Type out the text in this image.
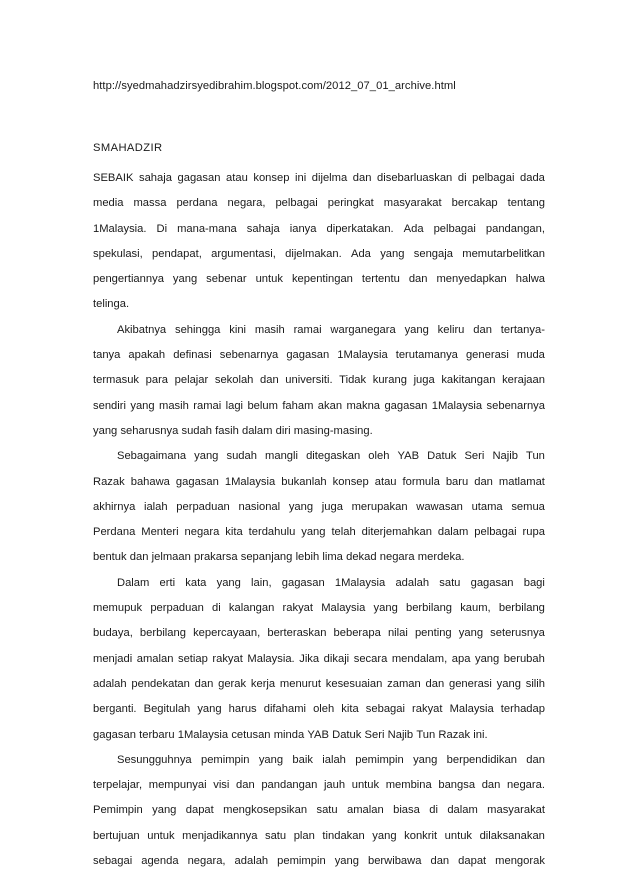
http://syedmahadzirsyedibrahim.blogspot.com/2012_07_01_archive.html
SMAHADZIR
SEBAIK sahaja gagasan atau konsep ini dijelma dan disebarluaskan di pelbagai dada
media massa perdana negara, pelbagai peringkat masyarakat bercakap tentang
1Malaysia. Di mana-mana sahaja ianya diperkatakan. Ada pelbagai pandangan,
spekulasi, pendapat, argumentasi, dijelmakan. Ada yang sengaja memutarbelitkan
pengertiannya yang sebenar untuk kepentingan tertentu dan menyedapkan halwa
telinga.
Akibatnya sehingga kini masih ramai warganegara yang keliru dan tertanya-
tanya apakah definasi sebenarnya gagasan 1Malaysia terutamanya generasi muda
termasuk para pelajar sekolah dan universiti. Tidak kurang juga kakitangan kerajaan
sendiri yang masih ramai lagi belum faham akan makna gagasan 1Malaysia sebenarnya
yang seharusnya sudah fasih dalam diri masing-masing.
Sebagaimana yang sudah mangli ditegaskan oleh YAB Datuk Seri Najib Tun
Razak bahawa gagasan 1Malaysia bukanlah konsep atau formula baru dan matlamat
akhirnya ialah perpaduan nasional yang juga merupakan wawasan utama semua
Perdana Menteri negara kita terdahulu yang telah diterjemahkan dalam pelbagai rupa
bentuk dan jelmaan prakarsa sepanjang lebih lima dekad negara merdeka.
Dalam erti kata yang lain, gagasan 1Malaysia adalah satu gagasan bagi
memupuk perpaduan di kalangan rakyat Malaysia yang berbilang kaum, berbilang
budaya, berbilang kepercayaan, berteraskan beberapa nilai penting yang seterusnya
menjadi amalan setiap rakyat Malaysia. Jika dikaji secara mendalam, apa yang berubah
adalah pendekatan dan gerak kerja menurut kesesuaian zaman dan generasi yang silih
berganti. Begitulah yang harus difahami oleh kita sebagai rakyat Malaysia terhadap
gagasan terbaru 1Malaysia cetusan minda YAB Datuk Seri Najib Tun Razak ini.
Sesungguhnya pemimpin yang baik ialah pemimpin yang berpendidikan dan
terpelajar, mempunyai visi dan pandangan jauh untuk membina bangsa dan negara.
Pemimpin yang dapat mengkosepsikan satu amalan biasa di dalam masyarakat
bertujuan untuk menjadikannya satu plan tindakan yang konkrit untuk dilaksanakan
sebagai agenda negara, adalah pemimpin yang berwibawa dan dapat mengorak
